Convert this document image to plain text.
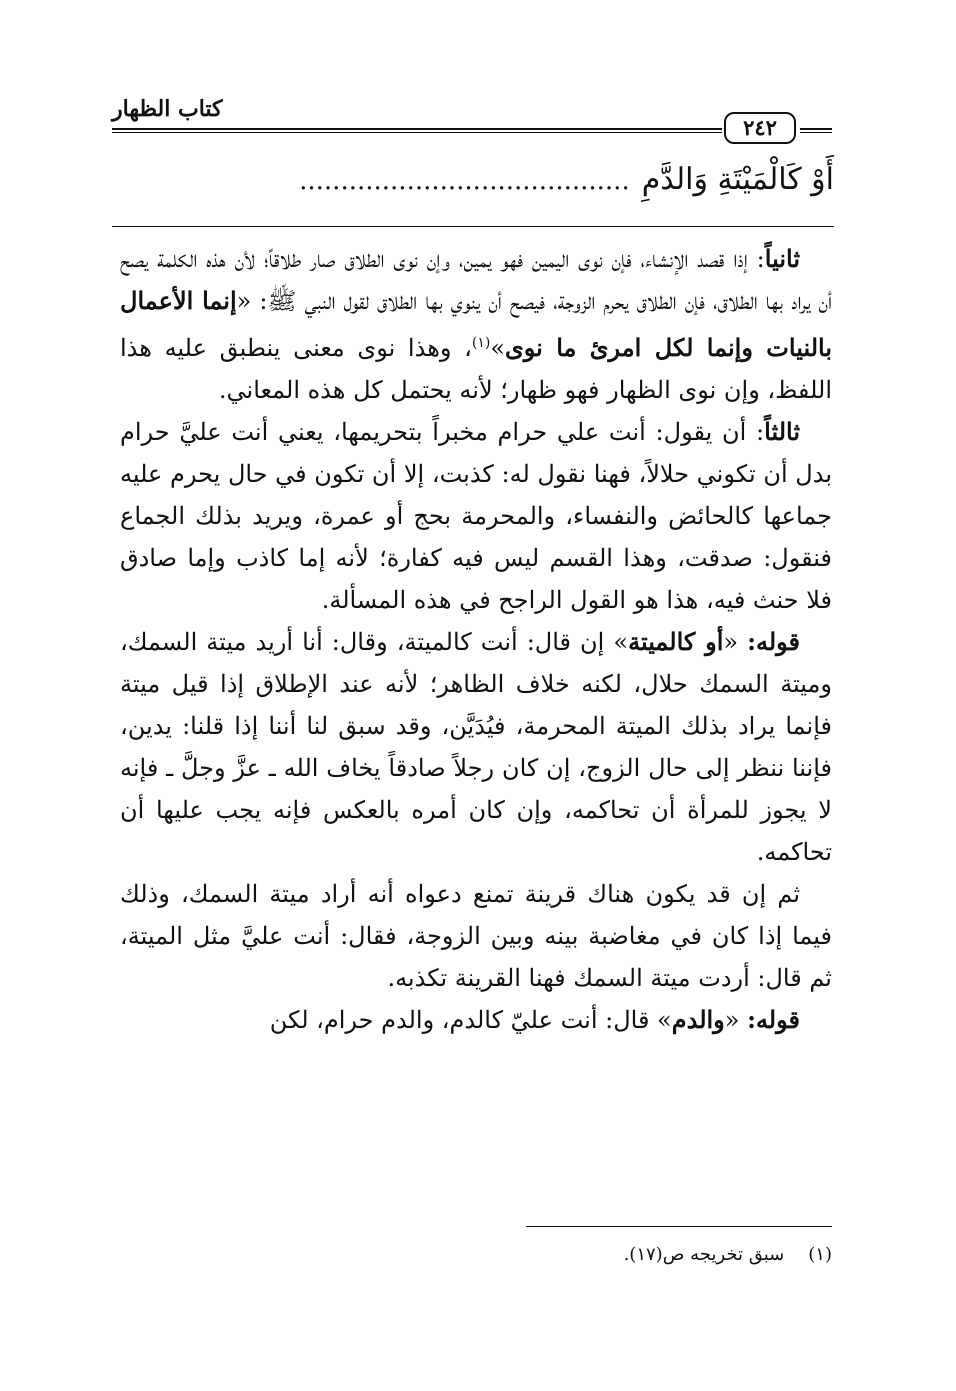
كتاب الظهار
٢٤٢
أَوْ كَالْمَيْتَةِ وَالدَّمِ........................................

ثانياً: إذا قصد الإنشاء، فإن نوى اليمين فهو يمين، وإن نوى الطلاق صار طلاقاً؛ لأن هذه الكلمة يصح أن يراد بها الطلاق، فإن الطلاق يحرم الزوجة، فيصح أن ينوي بها الطلاق لقول النبي ﷺ: «إنما الأعمال بالنيات وإنما لكل امرئ ما نوى»$^{(١)}$، وهذا نوى معنى ينطبق عليه هذا اللفظ، وإن نوى الظهار فهو ظهار؛ لأنه يحتمل كل هذه المعاني.

ثالثاً: أن يقول: أنت علي حرام مخبراً بتحريمها، يعني أنت عليَّ حرام بدل أن تكوني حلالاً، فهنا نقول له: كذبت، إلا أن تكون في حال يحرم عليه جماعها كالحائض والنفساء، والمحرمة بحج أو عمرة، ويريد بذلك الجماع فنقول: صدقت، وهذا القسم ليس فيه كفارة؛ لأنه إما كاذب وإما صادق فلا حنث فيه، هذا هو القول الراجح في هذه المسألة.

قوله: «أو كالميتة» إن قال: أنت كالميتة، وقال: أنا أريد ميتة السمك، وميتة السمك حلال، لكنه خلاف الظاهر؛ لأنه عند الإطلاق إذا قيل ميتة فإنما يراد بذلك الميتة المحرمة، فيُدَيَّن، وقد سبق لنا أننا إذا قلنا: يدين، فإننا ننظر إلى حال الزوج، إن كان رجلاً صادقاً يخاف الله ـ عزَّ وجلَّ ـ فإنه لا يجوز للمرأة أن تحاكمه، وإن كان أمره بالعكس فإنه يجب عليها أن تحاكمه.

ثم إن قد يكون هناك قرينة تمنع دعواه أنه أراد ميتة السمك، وذلك فيما إذا كان في مغاضبة بينه وبين الزوجة، فقال: أنت عليَّ مثل الميتة، ثم قال: أردت ميتة السمك فهنا القرينة تكذبه.

قوله: «والدم» قال: أنت عليّ كالدم، والدم حرام، لكن

(١)سبق تخريجه ص(١٧).
